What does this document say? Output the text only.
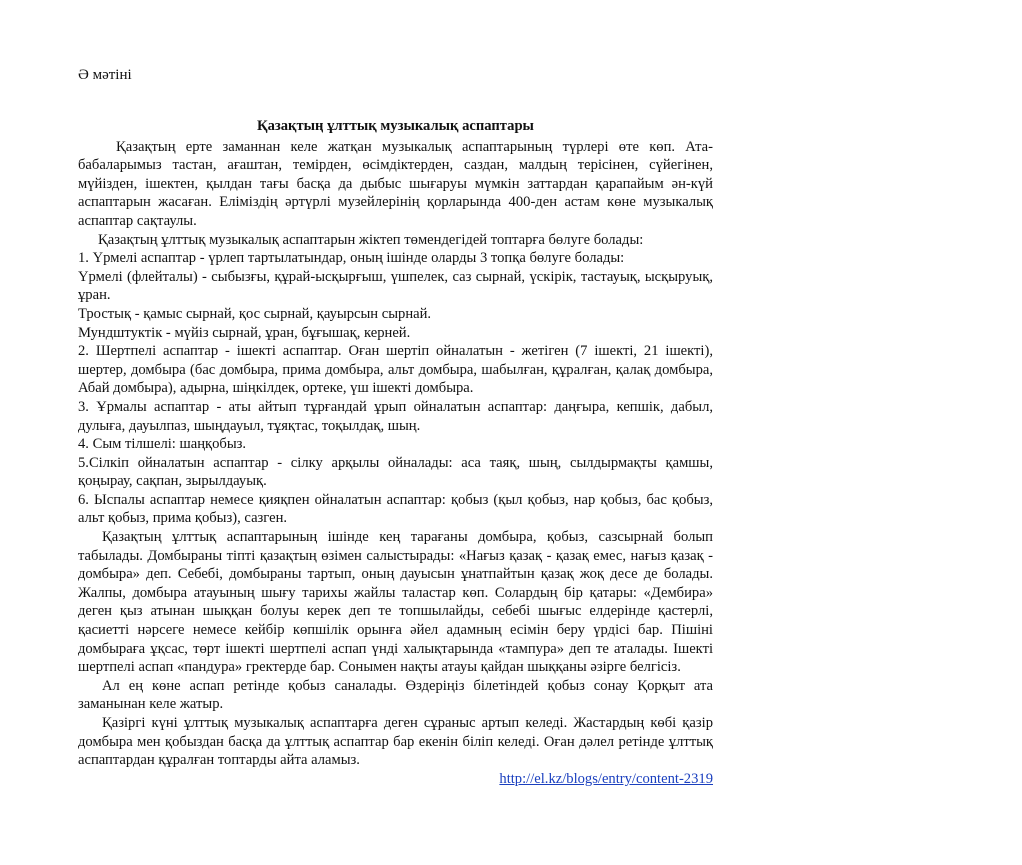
Ә мәтіні
Қазақтың ұлттық музыкалық аспаптары

Қазақтың ерте заманнан келе жатқан музыкалық аспаптарының түрлері өте көп. Ата-бабаларымыз тастан, ағаштан, темірден, өсімдіктерден, саздан, малдың терісінен, сүйегінен, мүйізден, ішектен, қылдан тағы басқа да дыбыс шығаруы мүмкін заттардан қарапайым ән-күй аспаптарын жасаған. Еліміздің әртүрлі музейлерінің қорларында 400-ден астам көне музыкалық аспаптар сақтаулы.

Қазақтың ұлттық музыкалық аспаптарын жіктеп төмендегідей топтарға бөлуге болады:

1. Үрмелі аспаптар - үрлеп тартылатындар, оның ішінде оларды 3 топқа бөлуге болады:

Үрмелі (флейталы) - сыбызғы, құрай-ысқырғыш, үшпелек, саз сырнай, үскірік, тастауық, ысқыруық, ұран.

Тростық - қамыс сырнай, қос сырнай, қауырсын сырнай.

Мундштуктік - мүйіз сырнай, ұран, бұғышақ, керней.

2. Шертпелі аспаптар - ішекті аспаптар. Оған шертіп ойналатын - жетіген (7 ішекті, 21 ішекті), шертер, домбыра (бас домбыра, прима домбыра, альт домбыра, шабылған, құралған, қалақ домбыра, Абай домбыра), адырна, шіңкілдек, ортеке, үш ішекті домбыра.

3. Ұрмалы аспаптар - аты айтып тұрғандай ұрып ойналатын аспаптар: даңғыра, кепшік, дабыл, дулыға, дауылпаз, шыңдауыл, тұяқтас, тоқылдақ, шың.

4. Сым тілшелі: шаңқобыз.

5.Сілкіп ойналатын аспаптар - сілку арқылы ойналады: аса таяқ, шың, сылдырмақты қамшы, қоңырау, сақпан, зырылдауық.

6. Ыспалы аспаптар немесе қияқпен ойналатын аспаптар: қобыз (қыл қобыз, нар қобыз, бас қобыз, альт қобыз, прима қобыз), сазген.

Қазақтың ұлттық аспаптарының ішінде кең тарағаны домбыра, қобыз, сазсырнай болып табылады. Домбыраны тіпті қазақтың өзімен салыстырады: «Нағыз қазақ - қазақ емес, нағыз қазақ - домбыра» деп. Себебі, домбыраны тартып, оның дауысын ұнатпайтын қазақ жоқ десе де болады. Жалпы, домбыра атауының шығу тарихы жайлы таластар көп. Солардың бір қатары: «Дембира» деген қыз атынан шыққан болуы керек деп те топшылайды, себебі шығыс елдерінде қастерлі, қасиетті нәрсеге немесе кейбір көпшілік орынға әйел адамның есімін беру үрдісі бар. Пішіні домбыраға ұқсас, төрт ішекті шертпелі аспап үнді халықтарында «тампура» деп те аталады. Ішекті шертпелі аспап «пандура» гректерде бар. Сонымен нақты атауы қайдан шыққаны әзірге белгісіз.

Ал ең көне аспап ретінде қобыз саналады. Өздеріңіз білетіндей қобыз сонау Қорқыт ата заманынан келе жатыр.

Қазіргі күні ұлттық музыкалық аспаптарға деген сұраныс артып келеді. Жастардың көбі қазір домбыра мен қобыздан басқа да ұлттық аспаптар бар екенін біліп келеді. Оған дәлел ретінде ұлттық аспаптардан құралған топтарды айта аламыз.

http://el.kz/blogs/entry/content-2319
